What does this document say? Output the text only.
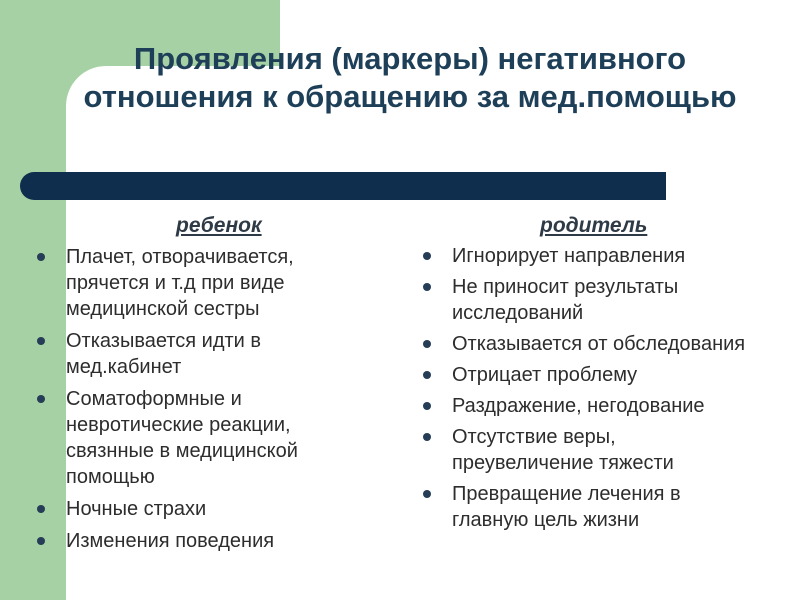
Проявления (маркеры) негативного отношения к обращению за мед.помощью
ребенок	родитель
Плачет, отворачивается, прячется и т.д при виде медицинской сестры
Отказывается идти в мед.кабинет
Соматоформные и невротические реакции, связнные в медицинской помощью
Ночные страхи
Изменения поведения
Игнорирует направления
Не приносит результаты исследований
Отказывается от обследования
Отрицает проблему
Раздражение, негодование
Отсутствие веры, преувеличение тяжести
Превращение лечения в главную цель жизни
